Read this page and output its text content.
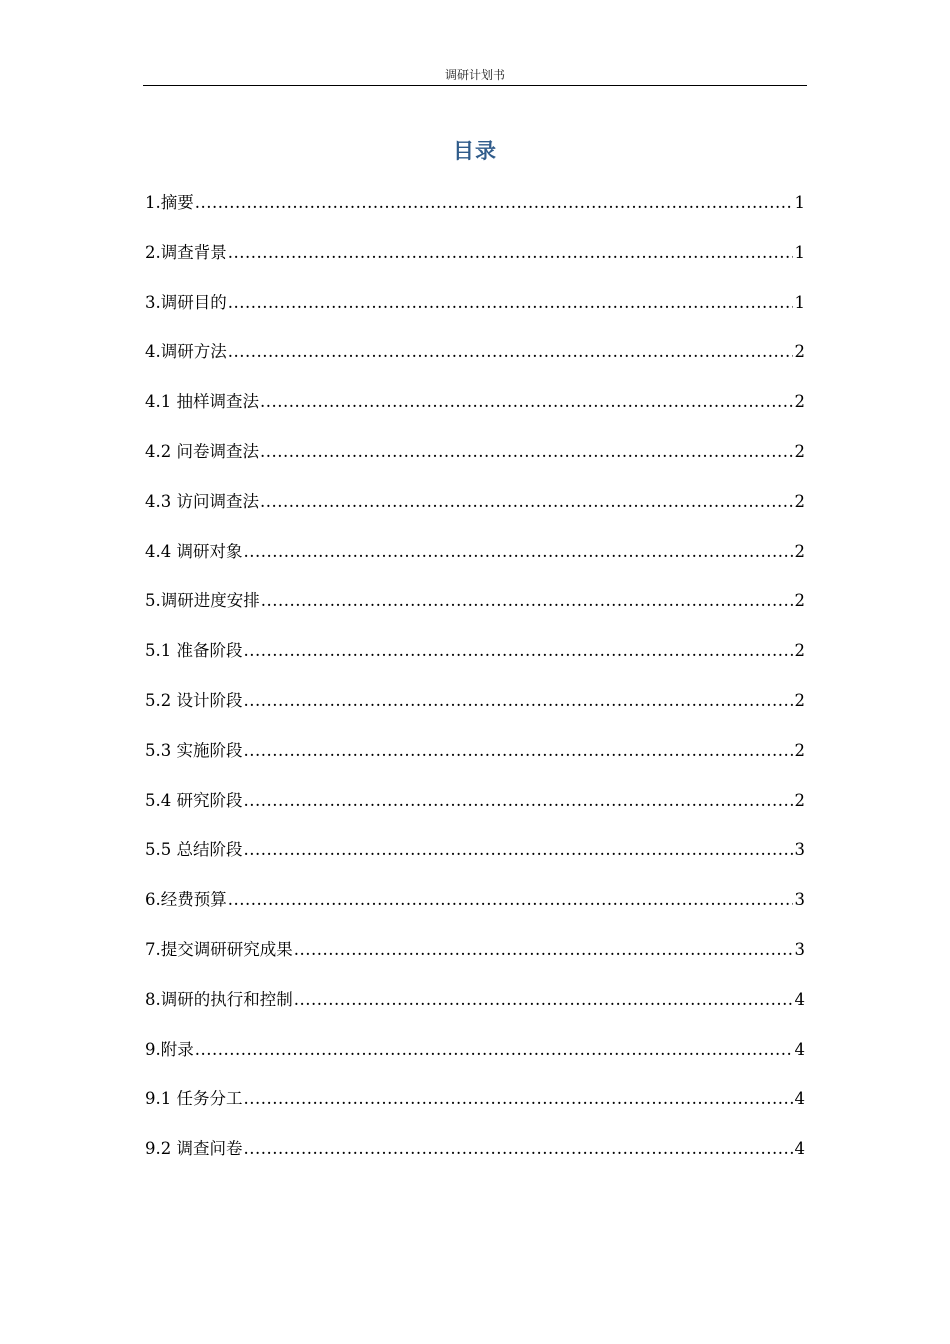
调研计划书
目录
1.摘要 .....	1
2.调查背景 .....	1
3.调研目的 .....	1
4.调研方法 .....	2
4.1 抽样调查法 .....	2
4.2 问卷调查法 .....	2
4.3 访问调查法 .....	2
4.4 调研对象 .....	2
5.调研进度安排 .....	2
5.1 准备阶段 .....	2
5.2 设计阶段 .....	2
5.3 实施阶段 .....	2
5.4 研究阶段 .....	2
5.5 总结阶段 .....	3
6.经费预算 .....	3
7.提交调研研究成果 .....	3
8.调研的执行和控制 .....	4
9.附录 .....	4
9.1 任务分工 .....	4
9.2 调查问卷 .....	4
